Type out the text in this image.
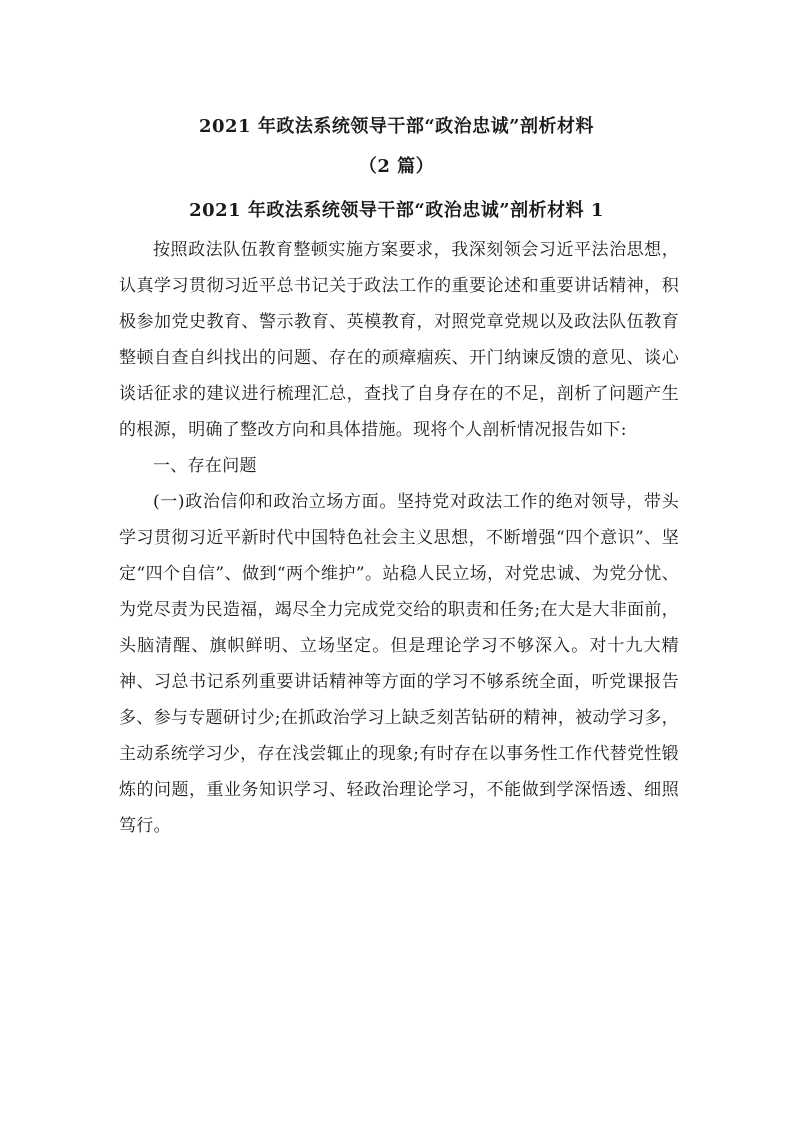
2021 年政法系统领导干部“政治忠诚”剖析材料
（2 篇）
2021 年政法系统领导干部“政治忠诚”剖析材料 1

按照政法队伍教育整顿实施方案要求，我深刻领会习近平法治思想，认真学习贯彻习近平总书记关于政法工作的重要论述和重要讲话精神，积极参加党史教育、警示教育、英模教育，对照党章党规以及政法队伍教育整顿自查自纠找出的问题、存在的顽瘴痼疾、开门纳谏反馈的意见、谈心谈话征求的建议进行梳理汇总，查找了自身存在的不足，剖析了问题产生的根源，明确了整改方向和具体措施。现将个人剖析情况报告如下:

一、存在问题

(一)政治信仰和政治立场方面。坚持党对政法工作的绝对领导，带头学习贯彻习近平新时代中国特色社会主义思想，不断增强“四个意识”、坚定“四个自信”、做到“两个维护”。站稳人民立场，对党忠诚、为党分忧、为党尽责为民造福，竭尽全力完成党交给的职责和任务;在大是大非面前，头脑清醒、旗帜鲜明、立场坚定。但是理论学习不够深入。对十九大精神、习总书记系列重要讲话精神等方面的学习不够系统全面，听党课报告多、参与专题研讨少;在抓政治学习上缺乏刻苦钻研的精神，被动学习多，主动系统学习少，存在浅尝辄止的现象;有时存在以事务性工作代替党性锻炼的问题，重业务知识学习、轻政治理论学习，不能做到学深悟透、细照笃行。
